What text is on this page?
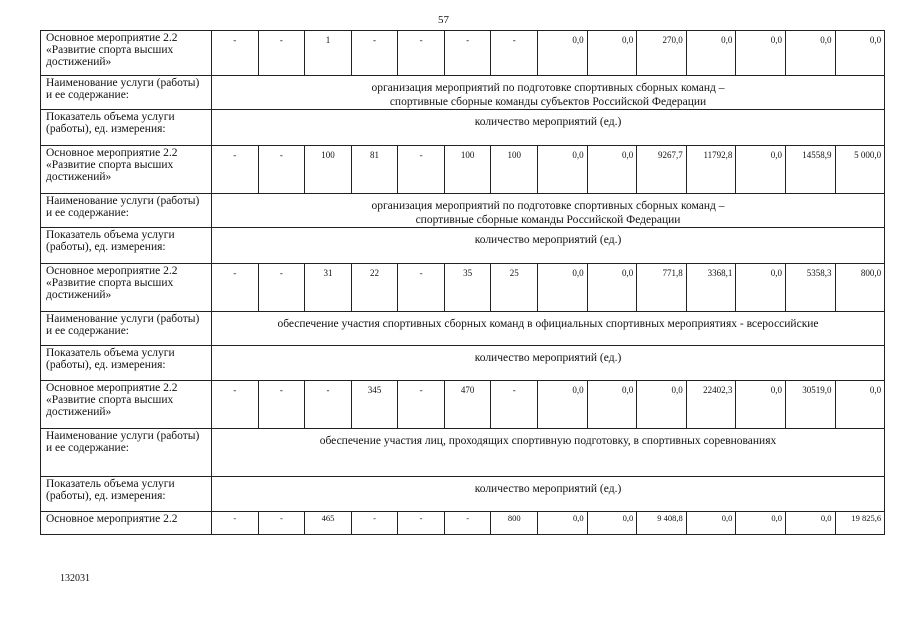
57
Основное мероприятие 2.2 «Развитие спорта высших достижений»
-	-	1	-	-	-	-	0,0	0,0	270,0	0,0	0,0	0,0	0,0
Наименование услуги (работы) и ее содержание:
организация мероприятий по подготовке спортивных сборных команд –
спортивные сборные команды субъектов Российской Федерации
Показатель объема услуги (работы), ед. измерения:
количество мероприятий (ед.)
Основное мероприятие 2.2 «Развитие спорта высших достижений»
-	-	100	81	-	100	100	0,0	0,0	9267,7	11792,8	0,0	14558,9	5 000,0
Наименование услуги (работы) и ее содержание:
организация мероприятий по подготовке спортивных сборных команд –
спортивные сборные команды Российской Федерации
Показатель объема услуги (работы), ед. измерения:
количество мероприятий (ед.)
Основное мероприятие 2.2 «Развитие спорта высших достижений»
-	-	31	22	-	35	25	0,0	0,0	771,8	3368,1	0,0	5358,3	800,0
Наименование услуги (работы) и ее содержание:
обеспечение участия спортивных сборных команд в официальных спортивных мероприятиях - всероссийские
Показатель объема услуги (работы), ед. измерения:
количество мероприятий (ед.)
Основное мероприятие 2.2 «Развитие спорта высших достижений»
-	-	-	345	-	470	-	0,0	0,0	0,0	22402,3	0,0	30519,0	0,0
Наименование услуги (работы) и ее содержание:
обеспечение участия лиц, проходящих спортивную подготовку, в спортивных соревнованиях
Показатель объема услуги (работы), ед. измерения:
количество мероприятий (ед.)
Основное мероприятие 2.2	-	-	465	-	-	-	800	0,0	0,0	9 408,8	0,0	0,0	0,0	19 825,6
132031
